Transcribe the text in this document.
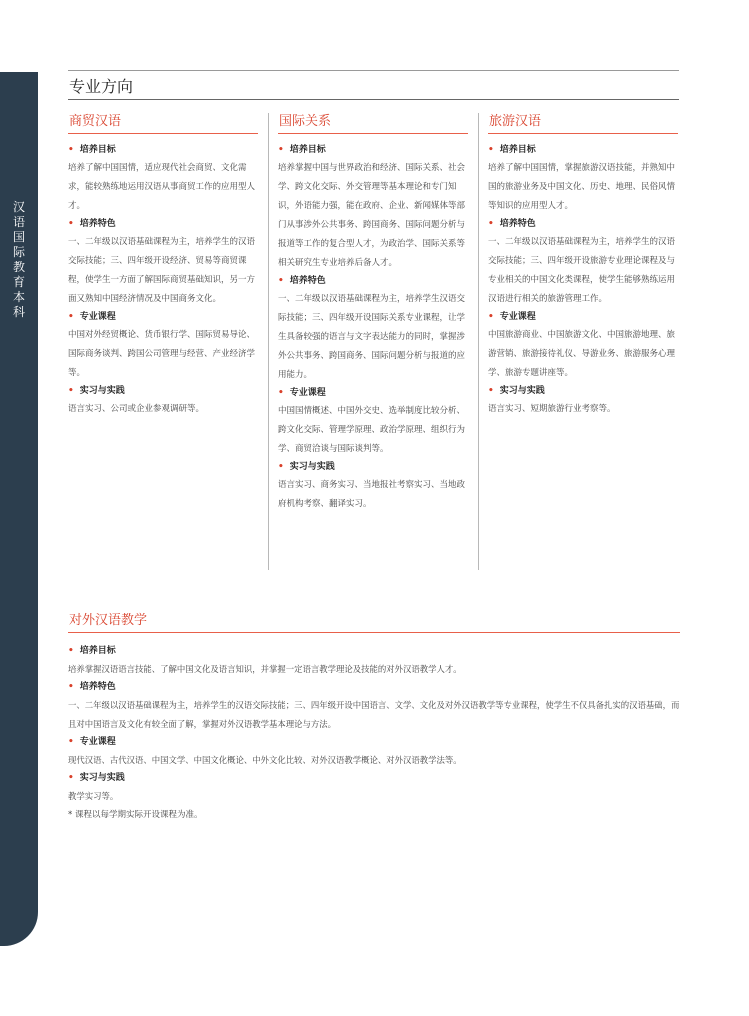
汉语国际教育本科
专业方向
商贸汉语
• 培养目标

培养了解中国国情，适应现代社会商贸、文化需求，能较熟练地运用汉语从事商贸工作的应用型人才。

• 培养特色

一、二年级以汉语基础课程为主，培养学生的汉语交际技能；三、四年级开设经济、贸易等商贸课程，使学生一方面了解国际商贸基础知识，另一方面又熟知中国经济情况及中国商务文化。

• 专业课程

中国对外经贸概论、货币银行学、国际贸易导论、国际商务谈判、跨国公司管理与经营、产业经济学等。

• 实习与实践

语言实习、公司或企业参观调研等。

国际关系
• 培养目标

培养掌握中国与世界政治和经济、国际关系、社会学、跨文化交际、外交管理等基本理论和专门知识，外语能力强，能在政府、企业、新闻媒体等部门从事涉外公共事务、跨国商务、国际问题分析与报道等工作的复合型人才，为政治学、国际关系等相关研究生专业培养后备人才。

• 培养特色

一、二年级以汉语基础课程为主，培养学生汉语交际技能；三、四年级开设国际关系专业课程，让学生具备较强的语言与文字表达能力的同时，掌握涉外公共事务、跨国商务、国际问题分析与报道的应用能力。

• 专业课程

中国国情概述、中国外交史、选举制度比较分析、跨文化交际、管理学原理、政治学原理、组织行为学、商贸洽谈与国际谈判等。

• 实习与实践

语言实习、商务实习、当地报社考察实习、当地政府机构考察、翻译实习。

旅游汉语
• 培养目标

培养了解中国国情，掌握旅游汉语技能，并熟知中国的旅游业务及中国文化、历史、地理、民俗风情等知识的应用型人才。

• 培养特色

一、二年级以汉语基础课程为主，培养学生的汉语交际技能；三、四年级开设旅游专业理论课程及与专业相关的中国文化类课程，使学生能够熟练运用汉语进行相关的旅游管理工作。

• 专业课程

中国旅游商业、中国旅游文化、中国旅游地理、旅游营销、旅游接待礼仪、导游业务、旅游服务心理学、旅游专题讲座等。

• 实习与实践

语言实习、短期旅游行业考察等。

对外汉语教学
• 培养目标

培养掌握汉语语言技能、了解中国文化及语言知识，并掌握一定语言教学理论及技能的对外汉语教学人才。

• 培养特色

一、二年级以汉语基础课程为主，培养学生的汉语交际技能；三、四年级开设中国语言、文学、文化及对外汉语教学等专业课程，使学生不仅具备扎实的汉语基础，而且对中国语言及文化有较全面了解，掌握对外汉语教学基本理论与方法。

• 专业课程

现代汉语、古代汉语、中国文学、中国文化概论、中外文化比较、对外汉语教学概论、对外汉语教学法等。

• 实习与实践

教学实习等。

* 课程以每学期实际开设课程为准。
